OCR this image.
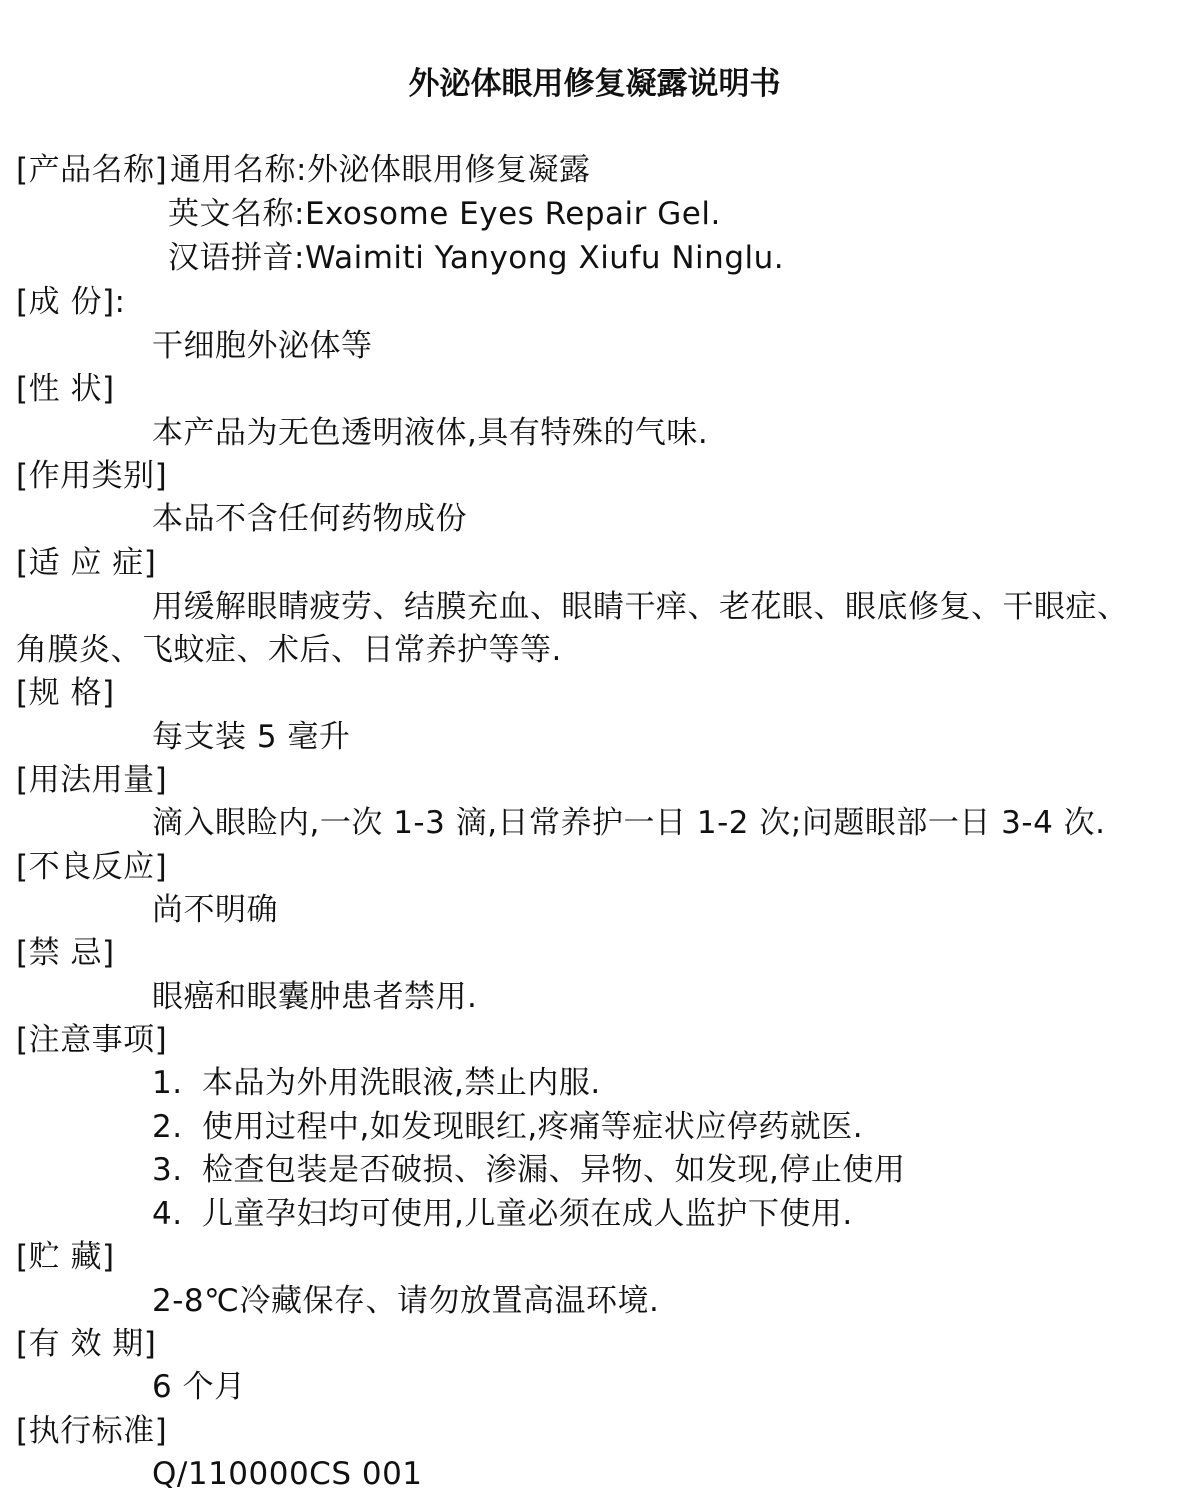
外泌体眼用修复凝露说明书
[产品名称] 通用名称:外泌体眼用修复凝露
英文名称:Exosome Eyes Repair Gel.
汉语拼音:Waimiti Yanyong Xiufu Ninglu.
[成 份]:
干细胞外泌体等
[性 状]
本产品为无色透明液体,具有特殊的气味.
[作用类别]
本品不含任何药物成份
[适 应 症]
用缓解眼睛疲劳、结膜充血、眼睛干痒、老花眼、眼底修复、干眼症、
角膜炎、飞蚊症、术后、日常养护等等.
[规 格]
每支装 5 毫升
[用法用量]
滴入眼睑内,一次 1-3 滴,日常养护一日 1-2 次;问题眼部一日 3-4 次.
[不良反应]
尚不明确
[禁 忌]
眼癌和眼囊肿患者禁用.
[注意事项]
1. 本品为外用洗眼液,禁止内服.
2. 使用过程中,如发现眼红,疼痛等症状应停药就医.
3. 检查包装是否破损、渗漏、异物、如发现,停止使用
4. 儿童孕妇均可使用,儿童必须在成人监护下使用.
[贮 藏]
2-8℃冷藏保存、请勿放置高温环境.
[有 效 期]
6 个月
[执行标准]
Q/110000CS 001
